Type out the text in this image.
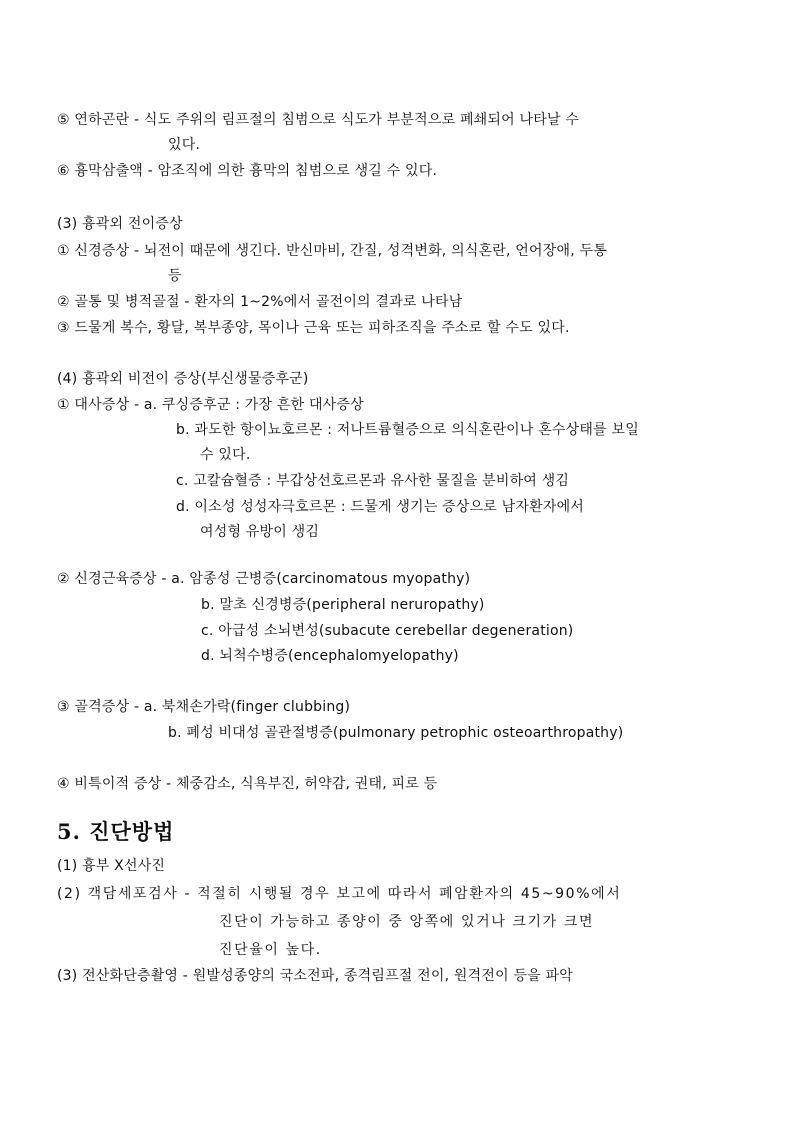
⑤ 연하곤란 - 식도 주위의 림프절의 침범으로 식도가 부분적으로 폐쇄되어 나타날 수
있다.
⑥ 흉막삼출액 - 암조직에 의한 흉막의 침범으로 생길 수 있다.
(3) 흉곽외 전이증상
① 신경증상 - 뇌전이 때문에 생긴다. 반신마비, 간질, 성격변화, 의식혼란, 언어장애, 두통
등
② 골통 및 병적골절 - 환자의 1~2%에서 골전이의 결과로 나타남
③ 드물게 복수, 황달, 복부종양, 목이나 근육 또는 피하조직을 주소로 할 수도 있다.
(4) 흉곽외 비전이 증상(부신생물증후군)
① 대사증상 - a. 쿠싱증후군 : 가장 흔한 대사증상
b. 과도한 항이뇨호르몬 : 저나트륨혈증으로 의식혼란이나 혼수상태를 보일
수 있다.
c. 고칼슘혈증 : 부갑상선호르몬과 유사한 물질을 분비하여 생김
d. 이소성 성성자극호르몬 : 드물게 생기는 증상으로 남자환자에서
여성형 유방이 생김
② 신경근육증상 - a. 암종성 근병증(carcinomatous myopathy)
b. 말초 신경병증(peripheral neruropathy)
c. 아급성 소뇌변성(subacute cerebellar degeneration)
d. 뇌척수병증(encephalomyelopathy)
③ 골격증상 - a. 북채손가락(finger clubbing)
b. 폐성 비대성 골관절병증(pulmonary petrophic osteoarthropathy)
④ 비특이적 증상 - 체중감소, 식욕부진, 허약감, 권태, 피로 등
5. 진단방법
(1) 흉부 X선사진
(2) 객담세포검사 - 적절히 시행될 경우 보고에 따라서 폐암환자의 45~90%에서
진단이 가능하고 종양이 중 앙쪽에 있거나 크기가 크면
진단율이 높다.
(3) 전산화단층촬영 - 원발성종양의 국소전파, 종격림프절 전이, 원격전이 등을 파악
